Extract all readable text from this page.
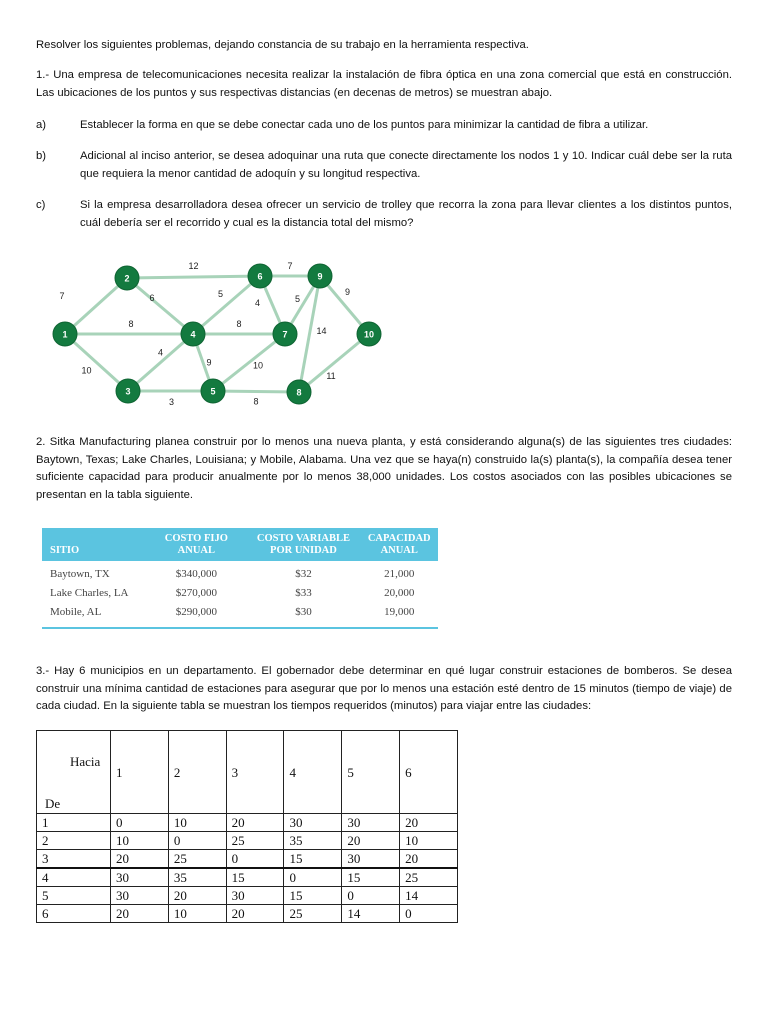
Resolver los siguientes problemas, dejando constancia de su trabajo en la herramienta respectiva.

1.- Una empresa de telecomunicaciones necesita realizar la instalación de fibra óptica en una zona comercial que está en construcción. Las ubicaciones de los puntos y sus respectivas distancias (en decenas de metros) se muestran abajo.

a)	Establecer la forma en que se debe conectar cada uno de los puntos para minimizar la cantidad de fibra a utilizar.
b)	Adicional al inciso anterior, se desea adoquinar una ruta que conecte directamente los nodos 1 y 10. Indicar cuál debe ser la ruta que requiera la menor cantidad de adoquín y su longitud respectiva.
c)	Si la empresa desarrolladora desea ofrecer un servicio de trolley que recorra la zona para llevar clientes a los distintos puntos, cuál debería ser el recorrido y cual es la distancia total del mismo?
7
8
10
12
6
4
3
5
8
9
4
7
5
10
8
14
9
11
1
2
3
4
5
6
7
8
9
10

2. Sitka Manufacturing planea construir por lo menos una nueva planta, y está considerando alguna(s) de las siguientes tres ciudades: Baytown, Texas; Lake Charles, Louisiana; y Mobile, Alabama. Una vez que se haya(n) construido la(s) planta(s), la compañía desea tener suficiente capacidad para producir anualmente por lo menos 38,000 unidades. Los costos asociados con las posibles ubicaciones se presentan en la tabla siguiente.

SITIO	COSTO FIJO ANUAL	COSTO VARIABLE POR UNIDAD	CAPACIDAD ANUAL
Baytown, TX	$340,000	$32	21,000
Lake Charles, LA	$270,000	$33	20,000
Mobile, AL	$290,000	$30	19,000

3.- Hay 6 municipios en un departamento. El gobernador debe determinar en qué lugar construir estaciones de bomberos. Se desea construir una mínima cantidad de estaciones para asegurar que por lo menos una estación esté dentro de 15 minutos (tiempo de viaje) de cada ciudad. En la siguiente tabla se muestran los tiempos requeridos (minutos) para viajar entre las ciudades:

Hacia
De	1	2	3	4	5	6
1	0	10	20	30	30	20
2	10	0	25	35	20	10
3	20	25	0	15	30	20
4	30	35	15	0	15	25
5	30	20	30	15	0	14
6	20	10	20	25	14	0
